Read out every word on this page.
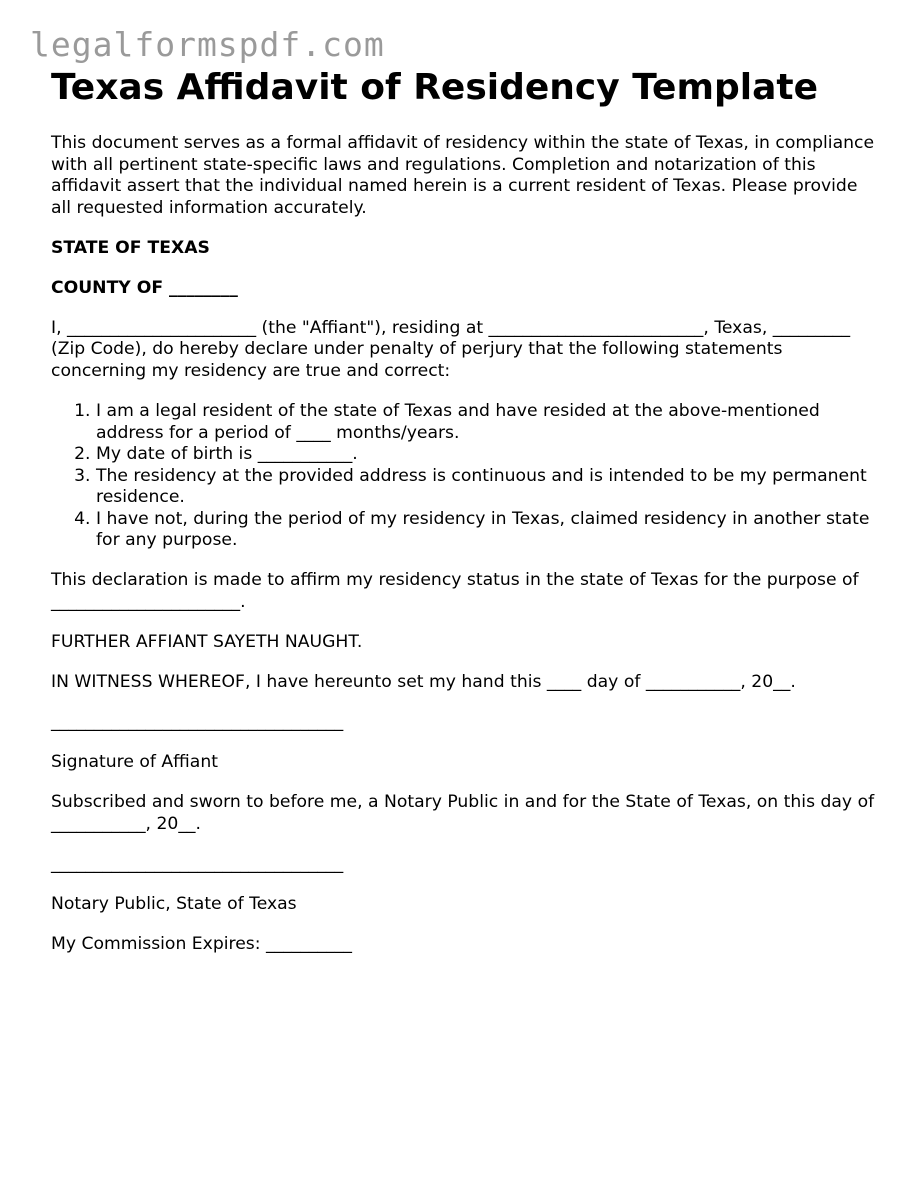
legalformspdf.com
Texas Affidavit of Residency Template

This document serves as a formal affidavit of residency within the state of Texas, in compliance with all pertinent state-specific laws and regulations. Completion and notarization of this affidavit assert that the individual named herein is a current resident of Texas. Please provide all requested information accurately.

STATE OF TEXAS

COUNTY OF ________

I, ______________________ (the "Affiant"), residing at _________________________, Texas, _________ (Zip Code), do hereby declare under penalty of perjury that the following statements concerning my residency are true and correct:

1. I am a legal resident of the state of Texas and have resided at the above-mentioned address for a period of ____ months/years.
2. My date of birth is ___________.
3. The residency at the provided address is continuous and is intended to be my permanent residence.
4. I have not, during the period of my residency in Texas, claimed residency in another state for any purpose.

This declaration is made to affirm my residency status in the state of Texas for the purpose of ______________________.

FURTHER AFFIANT SAYETH NAUGHT.

IN WITNESS WHEREOF, I have hereunto set my hand this ____ day of ___________, 20__.

__________________________________

Signature of Affiant

Subscribed and sworn to before me, a Notary Public in and for the State of Texas, on this day of ___________, 20__.

__________________________________

Notary Public, State of Texas

My Commission Expires: __________
